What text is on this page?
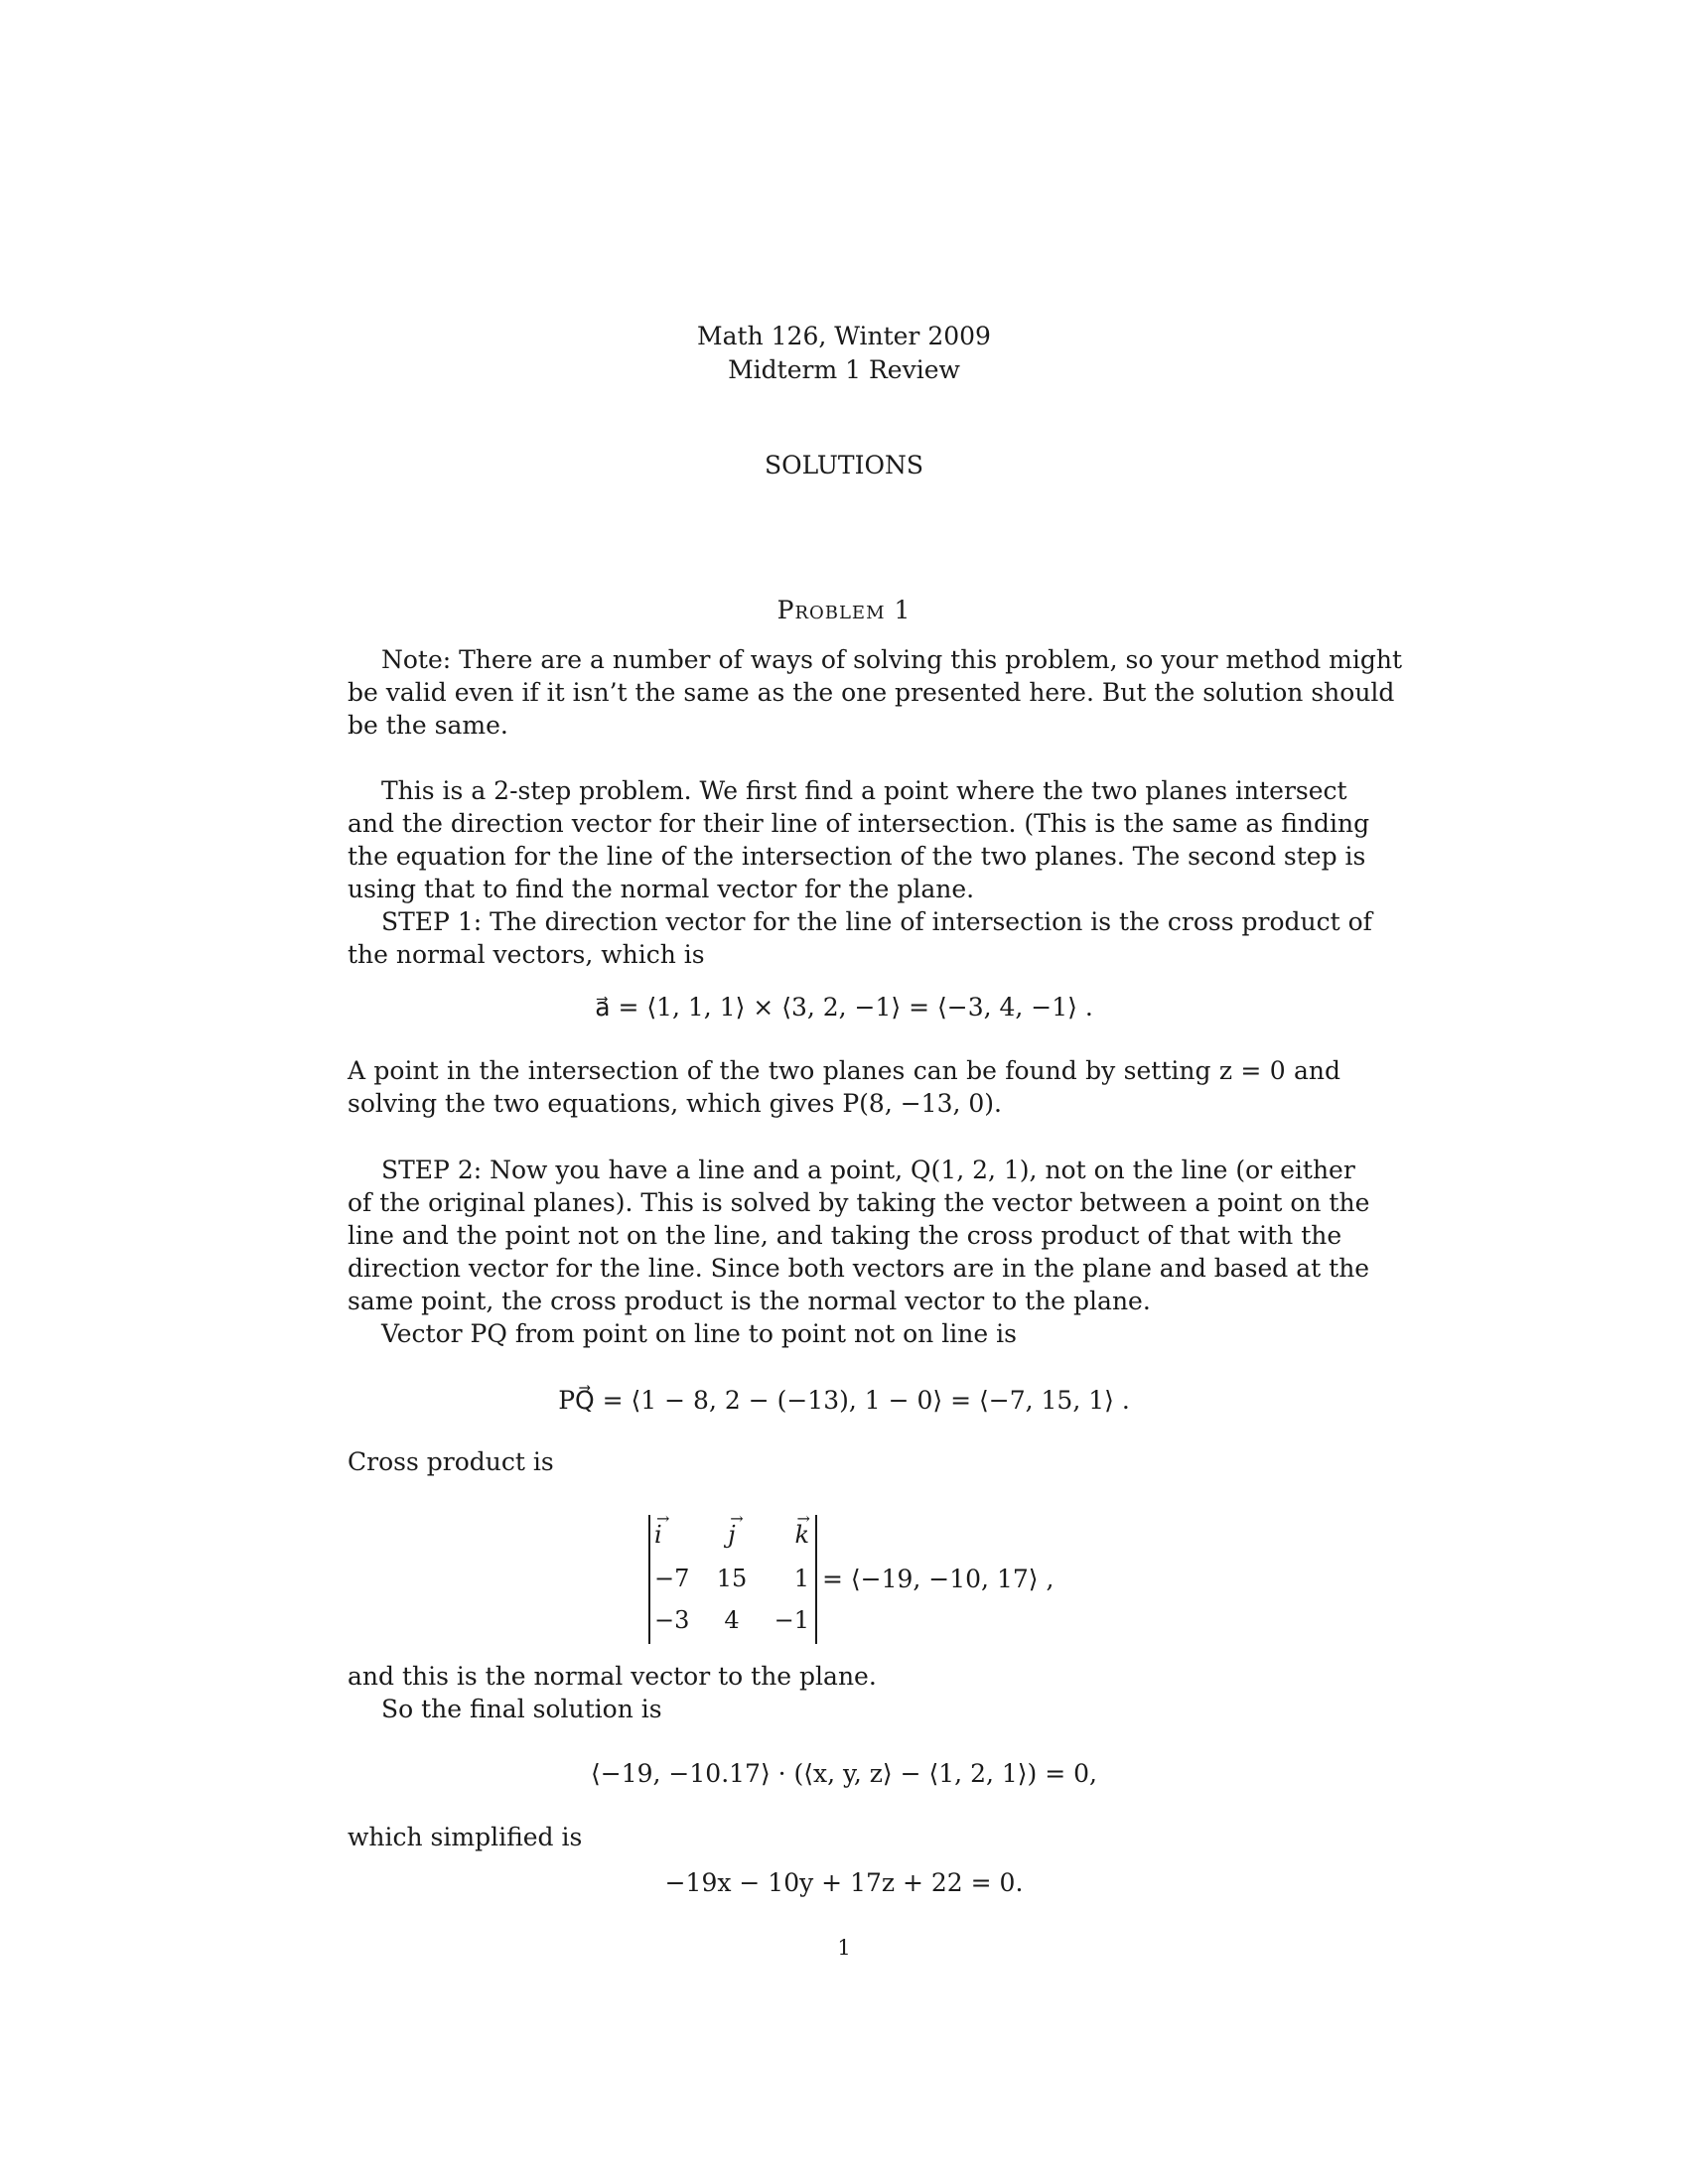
Math 126, Winter 2009
Midterm 1 Review
SOLUTIONS
Problem 1
Note: There are a number of ways of solving this problem, so your method might
be valid even if it isn’t the same as the one presented here. But the solution should
be the same.
This is a 2-step problem. We first find a point where the two planes intersect
and the direction vector for their line of intersection. (This is the same as finding
the equation for the line of the intersection of the two planes. The second step is
using that to find the normal vector for the plane.
STEP 1: The direction vector for the line of intersection is the cross product of
the normal vectors, which is
a⃗ = ⟨1, 1, 1⟩ × ⟨3, 2, −1⟩ = ⟨−3, 4, −1⟩ .
A point in the intersection of the two planes can be found by setting z = 0 and
solving the two equations, which gives P(8, −13, 0).
STEP 2: Now you have a line and a point, Q(1, 2, 1), not on the line (or either
of the original planes). This is solved by taking the vector between a point on the
line and the point not on the line, and taking the cross product of that with the
direction vector for the line. Since both vectors are in the plane and based at the
same point, the cross product is the normal vector to the plane.
Vector PQ from point on line to point not on line is
PQ⃗ = ⟨1 − 8, 2 − (−13), 1 − 0⟩ = ⟨−7, 15, 1⟩ .
Cross product is
→ i	→ j	→ k
−7	15	1
−3	4	−1
= ⟨−19, −10, 17⟩ ,
and this is the normal vector to the plane.
So the final solution is
⟨−19, −10.17⟩ · (⟨x, y, z⟩ − ⟨1, 2, 1⟩) = 0,
which simplified is
−19x − 10y + 17z + 22 = 0.
1
